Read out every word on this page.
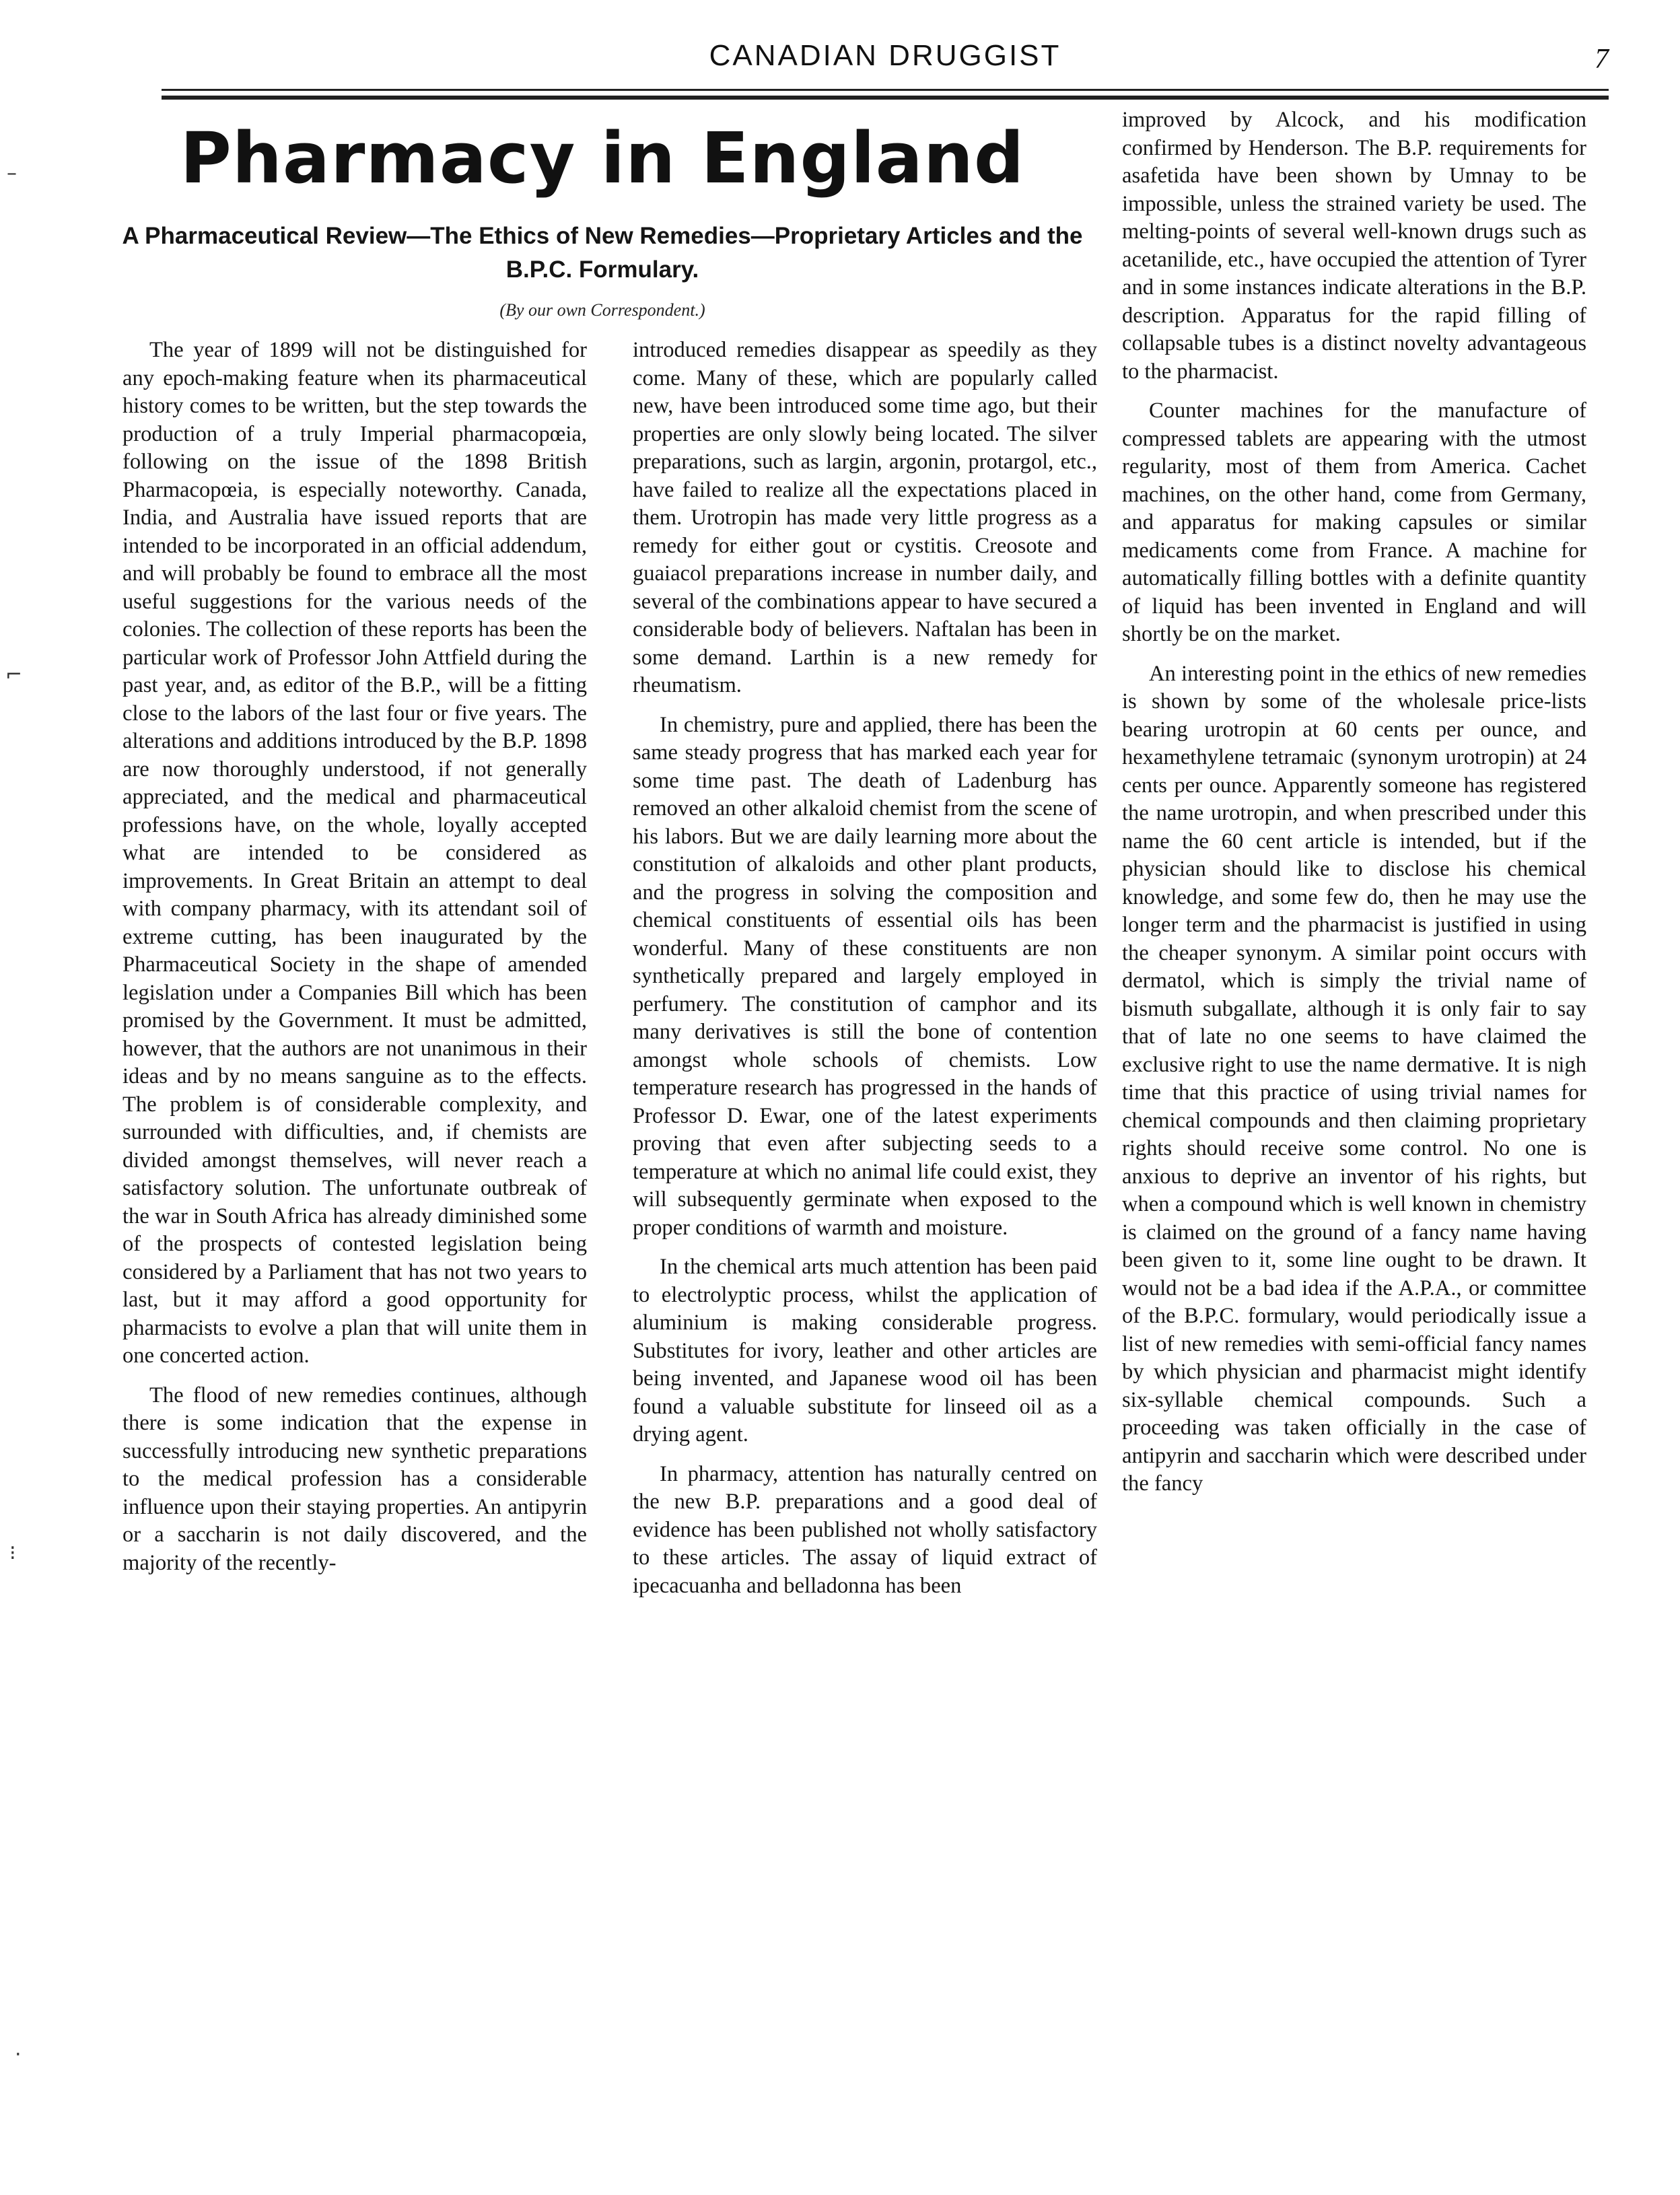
CANADIAN DRUGGIST	7
Pharmacy in England
A Pharmaceutical Review—The Ethics of New Remedies—Proprietary Articles and the B.P.C. Formulary.
(By our own Correspondent.)

The year of 1899 will not be distinguished for any epoch-making feature when its pharmaceutical history comes to be written, but the step towards the production of a truly Imperial pharmacopœia, following on the issue of the 1898 British Pharmacopœia, is especially noteworthy. Canada, India, and Australia have issued reports that are intended to be incorporated in an official addendum, and will probably be found to embrace all the most useful suggestions for the various needs of the colonies. The collection of these reports has been the particular work of Professor John Attfield during the past year, and, as editor of the B.P., will be a fitting close to the labors of the last four or five years. The alterations and additions introduced by the B.P. 1898 are now thoroughly understood, if not generally appreciated, and the medical and pharmaceutical professions have, on the whole, loyally accepted what are intended to be considered as improvements. In Great Britain an attempt to deal with company pharmacy, with its attendant soil of extreme cutting, has been inaugurated by the Pharmaceutical Society in the shape of amended legislation under a Companies Bill which has been promised by the Government. It must be admitted, however, that the authors are not unanimous in their ideas and by no means sanguine as to the effects. The problem is of considerable complexity, and surrounded with difficulties, and, if chemists are divided amongst themselves, will never reach a satisfactory solution. The unfortunate outbreak of the war in South Africa has already diminished some of the prospects of contested legislation being considered by a Parliament that has not two years to last, but it may afford a good opportunity for pharmacists to evolve a plan that will unite them in one concerted action.

The flood of new remedies continues, although there is some indication that the expense in successfully introducing new synthetic preparations to the medical profession has a considerable influence upon their staying properties. An antipyrin or a saccharin is not daily discovered, and the majority of the recently-

introduced remedies disappear as speedily as they come. Many of these, which are popularly called new, have been introduced some time ago, but their properties are only slowly being located. The silver preparations, such as largin, argonin, protargol, etc., have failed to realize all the expectations placed in them. Urotropin has made very little progress as a remedy for either gout or cystitis. Creosote and guaiacol preparations increase in number daily, and several of the combinations appear to have secured a considerable body of believers. Naftalan has been in some demand. Larthin is a new remedy for rheumatism.

In chemistry, pure and applied, there has been the same steady progress that has marked each year for some time past. The death of Ladenburg has removed an other alkaloid chemist from the scene of his labors. But we are daily learning more about the constitution of alkaloids and other plant products, and the progress in solving the composition and chemical constituents of essential oils has been wonderful. Many of these constituents are non synthetically prepared and largely employed in perfumery. The constitution of camphor and its many derivatives is still the bone of contention amongst whole schools of chemists. Low temperature research has progressed in the hands of Professor D. Ewar, one of the latest experiments proving that even after subjecting seeds to a temperature at which no animal life could exist, they will subsequently germinate when exposed to the proper conditions of warmth and moisture.

In the chemical arts much attention has been paid to electrolyptic process, whilst the application of aluminium is making considerable progress. Substitutes for ivory, leather and other articles are being invented, and Japanese wood oil has been found a valuable substitute for linseed oil as a drying agent.

In pharmacy, attention has naturally centred on the new B.P. preparations and a good deal of evidence has been published not wholly satisfactory to these articles. The assay of liquid extract of ipecacuanha and belladonna has been

improved by Alcock, and his modification confirmed by Henderson. The B.P. requirements for asafetida have been shown by Umnay to be impossible, unless the strained variety be used. The melting-points of several well-known drugs such as acetanilide, etc., have occupied the attention of Tyrer and in some instances indicate alterations in the B.P. description. Apparatus for the rapid filling of collapsable tubes is a distinct novelty advantageous to the pharmacist.

Counter machines for the manufacture of compressed tablets are appearing with the utmost regularity, most of them from America. Cachet machines, on the other hand, come from Germany, and apparatus for making capsules or similar medicaments come from France. A machine for automatically filling bottles with a definite quantity of liquid has been invented in England and will shortly be on the market.

An interesting point in the ethics of new remedies is shown by some of the wholesale price-lists bearing urotropin at 60 cents per ounce, and hexamethylene tetramaic (synonym urotropin) at 24 cents per ounce. Apparently someone has registered the name urotropin, and when prescribed under this name the 60 cent article is intended, but if the physician should like to disclose his chemical knowledge, and some few do, then he may use the longer term and the pharmacist is justified in using the cheaper synonym. A similar point occurs with dermatol, which is simply the trivial name of bismuth subgallate, although it is only fair to say that of late no one seems to have claimed the exclusive right to use the name dermative. It is nigh time that this practice of using trivial names for chemical compounds and then claiming proprietary rights should receive some control. No one is anxious to deprive an inventor of his rights, but when a compound which is well known in chemistry is claimed on the ground of a fancy name having been given to it, some line ought to be drawn. It would not be a bad idea if the A.P.A., or committee of the B.P.C. formulary, would periodically issue a list of new remedies with semi-official fancy names by which physician and pharmacist might identify six-syllable chemical compounds. Such a proceeding was taken officially in the case of antipyrin and saccharin which were described under the fancy

–
⌐
⁝
·
